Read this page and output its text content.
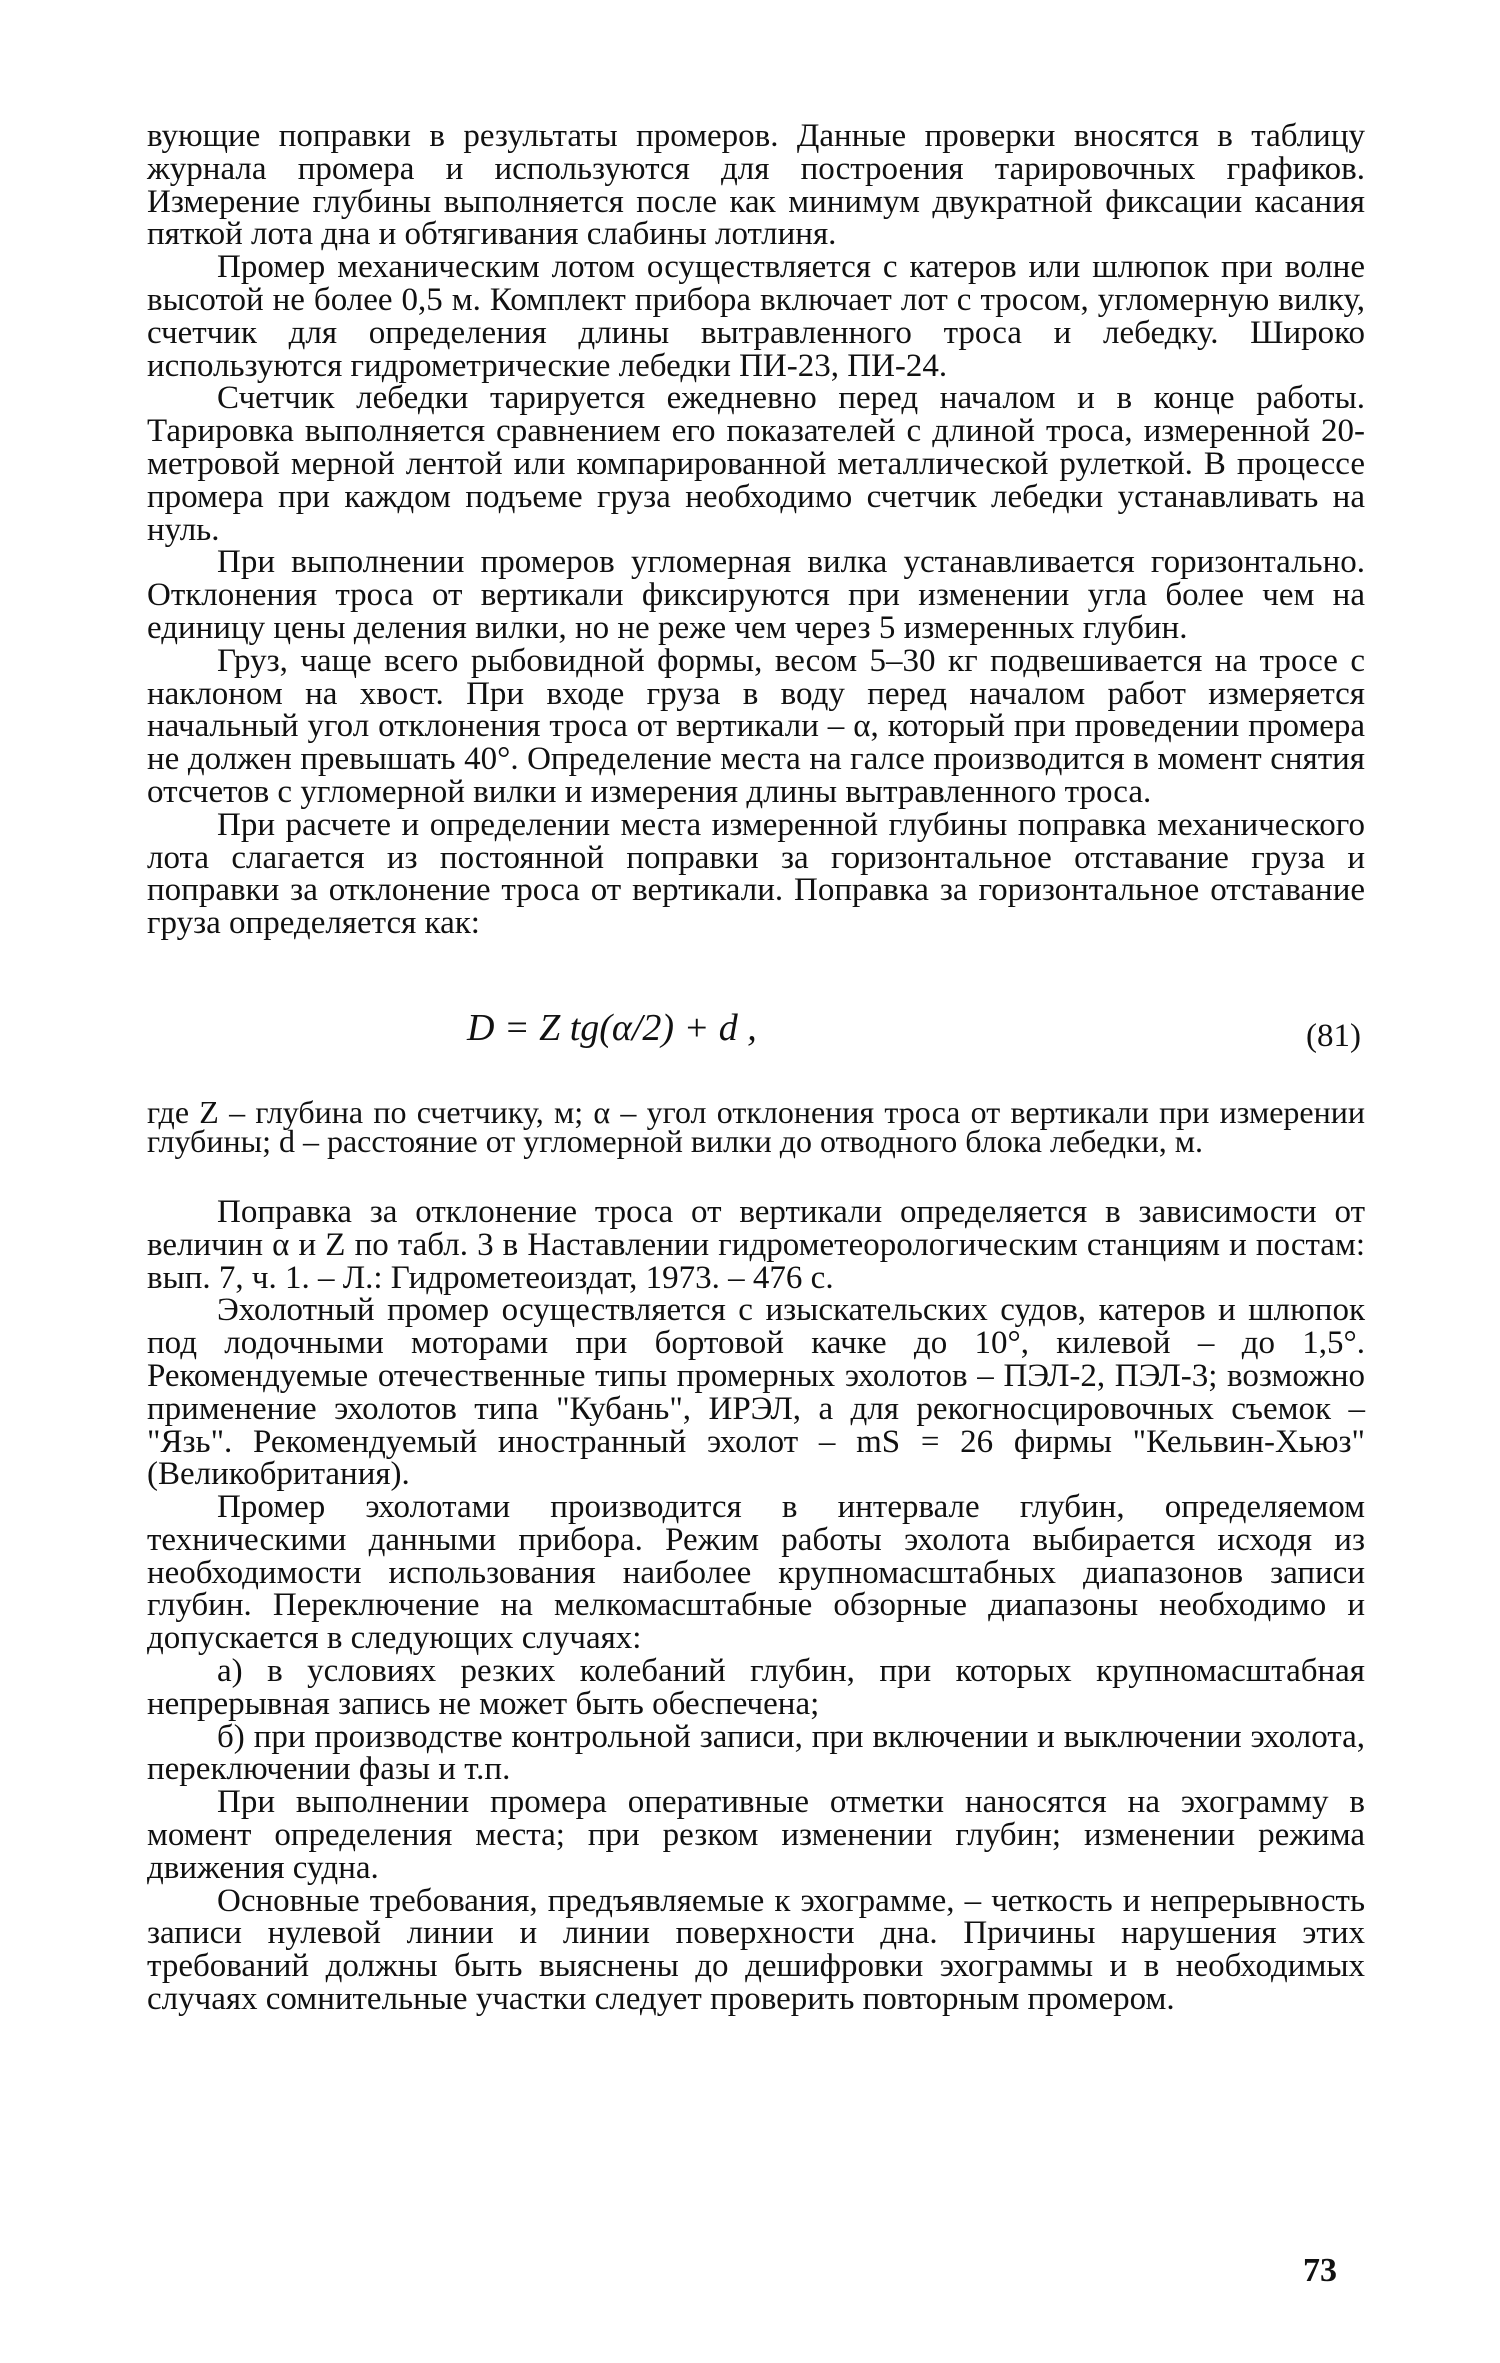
вующие поправки в результаты промеров. Данные проверки вносятся в таблицу журнала промера и используются для построения тарировочных графиков. Измерение глубины выполняется после как минимум двукратной фиксации касания пяткой лота дна и обтягивания слабины лотлиня.

Промер механическим лотом осуществляется с катеров или шлюпок при волне высотой не более 0,5 м. Комплект прибора включает лот с тросом, угломерную вилку, счетчик для определения длины вытравленного троса и лебедку. Широко используются гидрометрические лебедки ПИ-23, ПИ-24.

Счетчик лебедки тарируется ежедневно перед началом и в конце работы. Тарировка выполняется сравнением его показателей с длиной троса, измеренной 20-метровой мерной лентой или компарированной металлической рулеткой. В процессе промера при каждом подъеме груза необходимо счетчик лебедки устанавливать на нуль.

При выполнении промеров угломерная вилка устанавливается горизонтально. Отклонения троса от вертикали фиксируются при изменении угла более чем на единицу цены деления вилки, но не реже чем через 5 измеренных глубин.

Груз, чаще всего рыбовидной формы, весом 5–30 кг подвешивается на тросе с наклоном на хвост. При входе груза в воду перед началом работ измеряется начальный угол отклонения троса от вертикали – α, который при проведении промера не должен превышать 40°. Определение места на галсе производится в момент снятия отсчетов с угломерной вилки и измерения длины вытравленного троса.

При расчете и определении места измеренной глубины поправка механического лота слагается из постоянной поправки за горизонтальное отставание груза и поправки за отклонение троса от вертикали. Поправка за горизонтальное отставание груза определяется как:

D = Z tg(α/2) + d ,	(81)

где Z – глубина по счетчику, м; α – угол отклонения троса от вертикали при измерении глубины; d – расстояние от угломерной вилки до отводного блока лебедки, м.

Поправка за отклонение троса от вертикали определяется в зависимости от величин α и Z по табл. 3 в Наставлении гидрометеорологическим станциям и постам: вып. 7, ч. 1. – Л.: Гидрометеоиздат, 1973. – 476 с.

Эхолотный промер осуществляется с изыскательских судов, катеров и шлюпок под лодочными моторами при бортовой качке до 10°, килевой – до 1,5°. Рекомендуемые отечественные типы промерных эхолотов – ПЭЛ-2, ПЭЛ-3; возможно применение эхолотов типа "Кубань", ИРЭЛ, а для рекогносцировочных съемок – "Язь". Рекомендуемый иностранный эхолот – mS = 26 фирмы "Кельвин-Хьюз" (Великобритания).

Промер эхолотами производится в интервале глубин, определяемом техническими данными прибора. Режим работы эхолота выбирается исходя из необходимости использования наиболее крупномасштабных диапазонов записи глубин. Переключение на мелкомасштабные обзорные диапазоны необходимо и допускается в следующих случаях:

а) в условиях резких колебаний глубин, при которых крупномасштабная непрерывная запись не может быть обеспечена;

б) при производстве контрольной записи, при включении и выключении эхолота, переключении фазы и т.п.

При выполнении промера оперативные отметки наносятся на эхограмму в момент определения места; при резком изменении глубин; изменении режима движения судна.

Основные требования, предъявляемые к эхограмме, – четкость и непрерывность записи нулевой линии и линии поверхности дна. Причины нарушения этих требований должны быть выяснены до дешифровки эхограммы и в необходимых случаях сомнительные участки следует проверить повторным промером.

73
